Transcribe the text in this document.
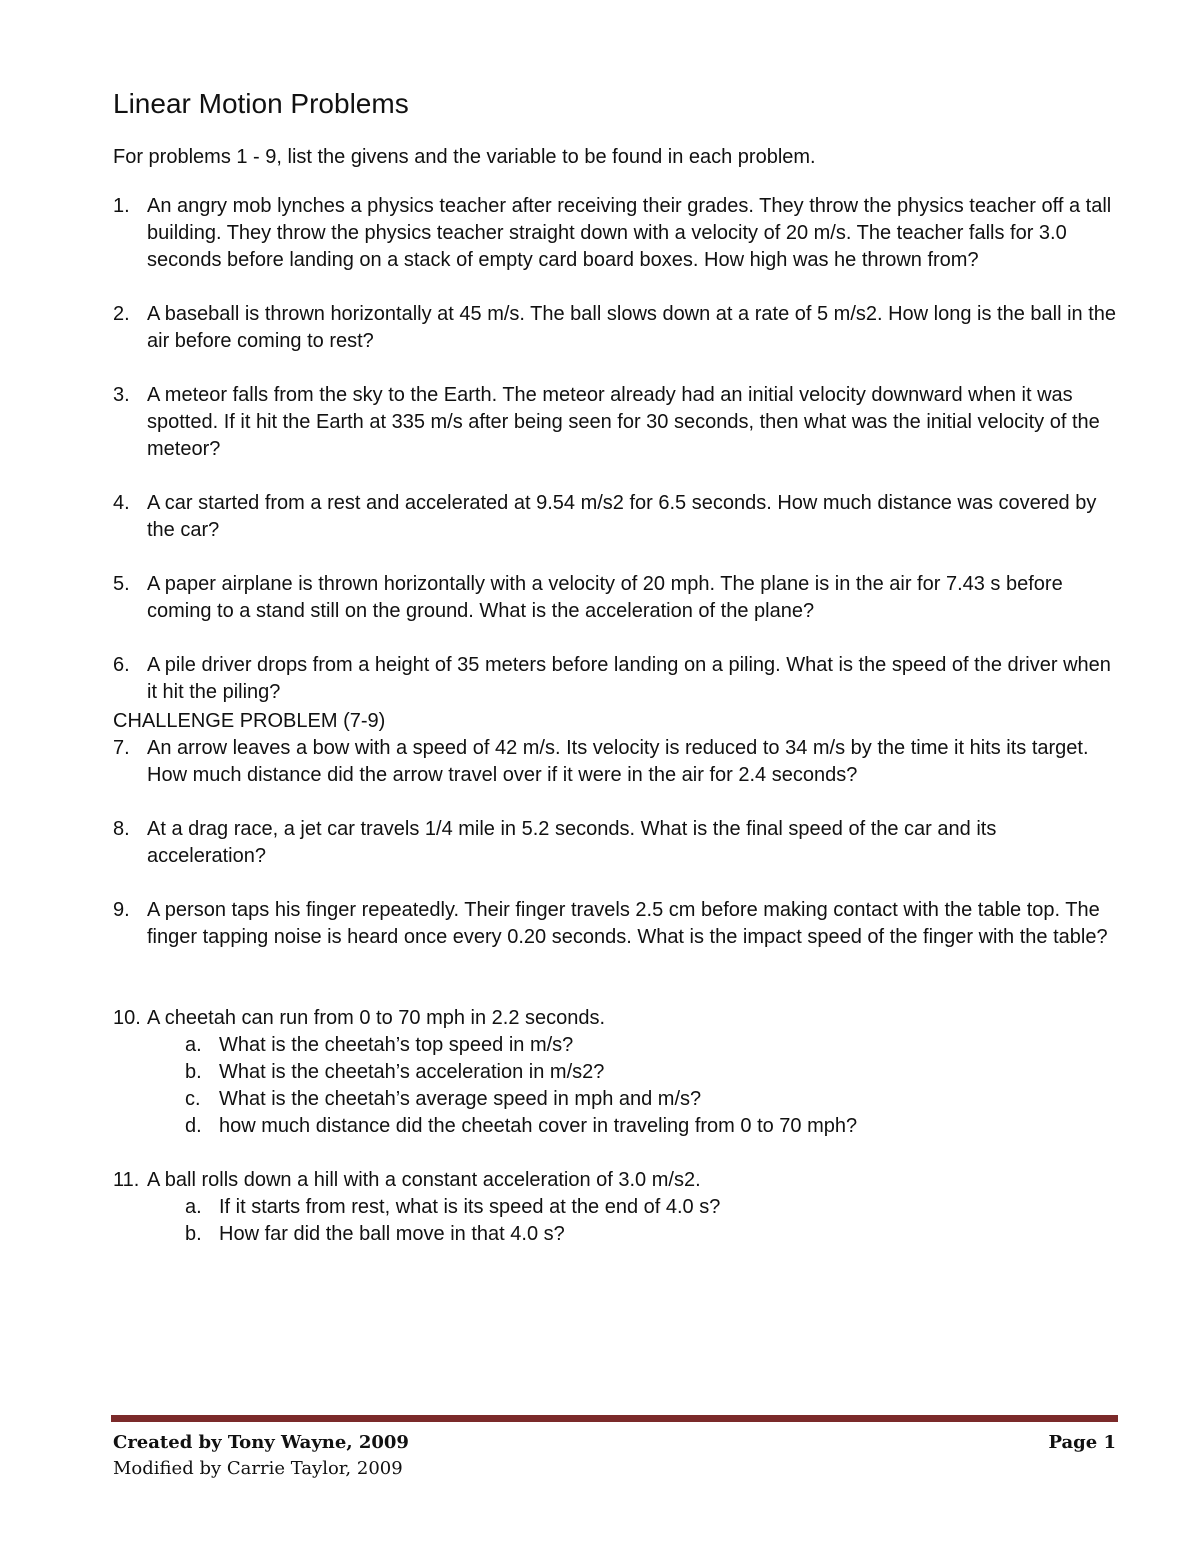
Linear Motion Problems

For problems 1 - 9, list the givens and the variable to be found in each problem.

1. An angry mob lynches a physics teacher after receiving their grades. They throw the physics teacher off a tall building. They throw the physics teacher straight down with a velocity of 20 m/s. The teacher falls for 3.0 seconds before landing on a stack of empty card board boxes. How high was he thrown from?
2. A baseball is thrown horizontally at 45 m/s. The ball slows down at a rate of 5 m/s2. How long is the ball in the air before coming to rest?
3. A meteor falls from the sky to the Earth. The meteor already had an initial velocity downward when it was spotted. If it hit the Earth at 335 m/s after being seen for 30 seconds, then what was the initial velocity of the meteor?
4. A car started from a rest and accelerated at 9.54 m/s2 for 6.5 seconds. How much distance was covered by the car?
5. A paper airplane is thrown horizontally with a velocity of 20 mph. The plane is in the air for 7.43 s before coming to a stand still on the ground. What is the acceleration of the plane?
6. A pile driver drops from a height of 35 meters before landing on a piling. What is the speed of the driver when it hit the piling?

CHALLENGE PROBLEM (7-9)

7. An arrow leaves a bow with a speed of 42 m/s. Its velocity is reduced to 34 m/s by the time it hits its target. How much distance did the arrow travel over if it were in the air for 2.4 seconds?
8. At a drag race, a jet car travels 1/4 mile in 5.2 seconds. What is the final speed of the car and its acceleration?
9. A person taps his finger repeatedly. Their finger travels 2.5 cm before making contact with the table top. The finger tapping noise is heard once every 0.20 seconds. What is the impact speed of the finger with the table?
10. A cheetah can run from 0 to 70 mph in 2.2 seconds.
a. What is the cheetah’s top speed in m/s?
b. What is the cheetah’s acceleration in m/s2?
c. What is the cheetah’s average speed in mph and m/s?
d. how much distance did the cheetah cover in traveling from 0 to 70 mph?
11. A ball rolls down a hill with a constant acceleration of 3.0 m/s2.
a. If it starts from rest, what is its speed at the end of 4.0 s?
b. How far did the ball move in that 4.0 s?
Created by Tony Wayne, 2009	Page 1
Modified by Carrie Taylor, 2009
